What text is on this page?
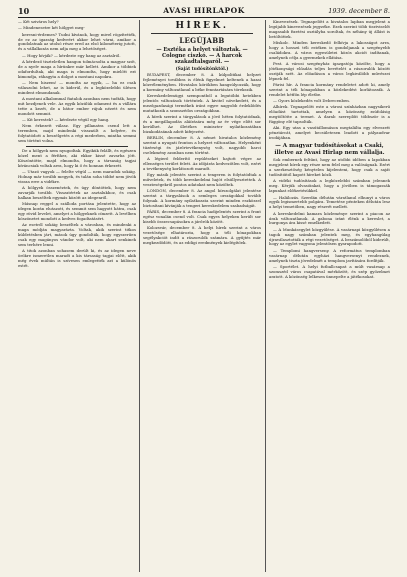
10	AVASI HIRLAPOK	1939. december 8.

— Két sziváros hely?

— Mindenesetre két hölgyet meg-

keresni-érdemes? Tudni kívánok, hogy mivel rögzítették, de ez az igazság kedveért akkor lehet várni, amikor a gondolatnak az utolsó része ered az első kilométerig jutott, és a vállalkozás nem adja meg a lehetőséget.

— Hogy hívják? — kérdezte egy hang az asztalról.

A kérdező tiszteletlen hangon tolmácsolta a magyar szót, de a nyelv maga a hírünkre már kellett. Amikor a többiek odafordultak, aki maga is elmondta, hogy mielőtt ezt kimondja, ráhagyta a dolgot a mostani napokra.

— Nem hiszem! — mondta az egyik, — ha ez csak válaszolni lehet, az is kiderül, és a legközelebbi ülésen mindent elmondanak.

A mostani alkalommal fiatalok azonban nem tudták, hogy mit kezdjenek vele. Az egyik közülük odament és a vállára tette a kezét, de a bátor ember rájuk nézett és nem mondott semmit.

— Kit kerestek? — kérdezte végül egy hang.

Nem érkezett válasz. Egy pillanatra csend lett a teremben, majd mindenki visszaült a helyére, és folytatódott a beszélgetés a régi mederben, mintha semmi sem történt volna.

De a hölgyek nem nyugodtak. Egyikük felállt, és egészen közel ment a férfihez, aki ekkor kissé zavarba jött. Köszöntötte, majd elmondta, hogy a társaság tagjai kíváncsiak voltak arra, hogy ki ő és honnan érkezett.

— Utazó vagyok — felelte végül — nem maradok sokáig. Holnap már tovább megyek, és talán soha többé nem jövök vissza erre a vidékre.

A hölgyek összenéztek, és úgy döntöttek, hogy nem zavarják tovább. Visszatértek az asztalukhoz, és csak halkan beszéltek egymás között az idegenről.

Másnap reggel a szálloda portása jelentette, hogy az idegen korán elutazott, és semmit sem hagyott hátra, csak egy rövid levelet, amelyet a hölgyeknek címzett. A levélben köszönetet mondott a kedves fogadtatásért.

Az esetről sokáig beszéltek a városban, és mindenki a maga módján magyarázta. Voltak, akik szerint titkos küldetésben járt, mások úgy gondolták, hogy egyszerűen csak egy magányos vándor volt, aki nem akart senkinek sem terhére lenni.

A titok azonban sohasem derült ki, és az idegen neve örökre ismeretlen maradt a kis társaság tagjai előtt, akik még évek múltán is szívesen emlegették azt a különös estét.

HÍREK.
LEGÚJABB
— Esztéka a helyet változtak. — Cologne ciszkó. — A harcok szakadtalsgaról. —
(Saját tudósítónktól.)

BUDAPEST, december 8. A külpolitikai helyzet fejleményei továbbra is élénk figyelmet keltenek a hazai közvéleményben. Hivatalos körökben hangsúlyozzák, hogy a kormány változatlanul a béke fenntartására törekszik.

Kereskedelemügyi szempontból a legutóbbi hetekben jelentős változások történtek. A kivitel növekedett, és a mezőgazdasági termékek iránt egyre nagyobb érdeklődés mutatkozik a szomszédos országokban.

A hírek szerint a tárgyalások a jövő héten folytatódnak, és a megállapodás aláírására még az év vége előtt sor kerülhet. Az illetékes miniszter nyilatkozatában bizakodásának adott kifejezést.

BERLIN, december 8. A német hivatalos közlemény szerint a nyugati fronton a helyzet változatlan. Helyenként tüzérségi és járőrtevékenység volt, nagyobb harci cselekmény azonban nem történt.

A légierő felderítő repüléseket hajtott végre az ellenséges terület felett. Az időjárás kedvezőtlen volt, ezért a tevékenység korlátozott maradt.

Egy másik jelentés szerint a tengeren is folytatódtak a műveletek, és több kereskedelmi hajót elsüllyesztettek. A veszteségekről pontos adatokat nem közöltek.

LONDON, december 8. Az angol hírszolgálat jelentése szerint a tárgyalások a semleges országokkal tovább folynak. A kormány nyilatkozata szerint minden eszközzel biztosítani kívánják a tengeri kereskedelem szabadságát.

PÁRIS, december 8. A francia hadijelentés szerint a front egész vonalán csend volt. Csak egyes helyeken került sor kisebb összecsapásokra a járőrök között.

Kolozsvár, december 8. A helyi hírek szerint a város vezetősége elhatározta, hogy a téli hónapokban segélyakciót indít a rászorulók számára. A gyűjtés már megkezdődött, és az eddigi eredmények kielégítőek.

Kinevezések. Tegnapelőtt a hivatalos lapban megjelent a legújabb kinevezések jegyzéke. Ezek szerint több tisztviselőt magasabb fizetési osztályba soroltak, és néhány új állást is betöltöttek.

Miskolc. Minden kereskedő felhívja a lakosságot arra, hogy a hosszú téli estéken is gondoljanak a szegényebb családokra. A város egyesületei közös akciót indítanak, amelynek célja a gyermekek ellátása.

Pest. A városi szegényház igazgatója közölte, hogy a jótékonysági előadás teljes bevételét a rászorulók között osztják szét. Az előadáson a város legkiválóbb művészei lépnek fel.

Párisi hír. A francia kormány rendeletet adott ki, amely szerint a téli hónapokban a közlekedést korlátozzák. A rendelet hétfőn lép életbe.

— Gyors közlekedés volt Debrecenben.

Alhírek. Tegnapelőtt este a városi színházban nagysikerű előadást tartottak, amelyen a közönség zsúfolásig megtöltötte a termet. A darab szereplőit többször is a függöny elé tapsolták.

Aki. Egy utas a vasútállomáson megtalálta egy elveszett pénztárcát, amelyet becsületesen leadott a pályaudvar irodájában.

— A magyar tudósításokat a Csaki, illetve az Avasi Hirlap nem vállalja.

Sok embernek feltűnt, hogy az utóbbi időben a lapokban megjelent hírek egy része nem felel meg a valóságnak. Ezért a szerkesztőség kénytelen kijelenteni, hogy csak a saját tudósítóitól kapott híreket közli.

A vidéki tudósítások a legközelebbi számban jelennek meg. Kérjük olvasóinkat, hogy a jövőben is támogassák lapunkat előfizetésükkel.

— Halálozás. Szerdán délután váratlanul elhunyt a város egyik legismertebb polgára. Temetése pénteken délután lesz a helyi temetőben, nagy részvét mellett.

A kereskedelmi kamara közleménye szerint a piacon az árak változatlanok. A gabona iránt élénk a kereslet, a burgonya ára kissé emelkedett.

— A Munkásegylet közgyűlése. A vasárnapi közgyűlésen a tagok nagy számban jelentek meg, és egyhangúlag újraválasztották a régi vezetőséget. A beszámolóból kiderült, hogy az egylet vagyona jelentősen gyarapodott.

— Templomi hangverseny. A református templomban vasárnap délután egyházi hangversenyt rendeznek, amelynek tiszta jövedelmét a templom javítására fordítják.

— Sportélet. A helyi futballcsapat a múlt vasárnap a szomszéd város csapatával mérkőzött, és szép győzelmet aratott. A közönség lelkesen ünnepelte a játékosokat.
